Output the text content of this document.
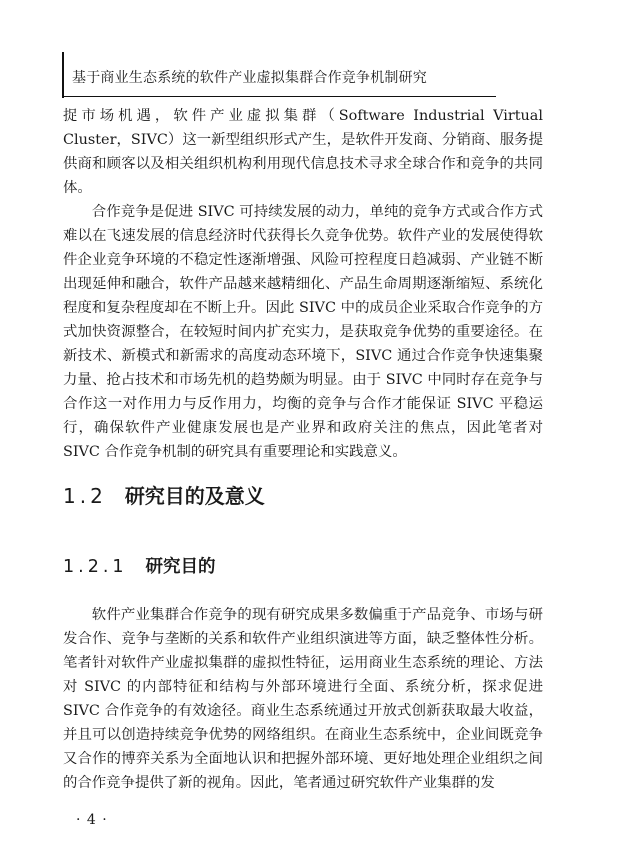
基于商业生态系统的软件产业虚拟集群合作竞争机制研究

捉市场机遇，软件产业虚拟集群（Software Industrial Virtual Cluster，SIVC）这一新型组织形式产生，是软件开发商、分销商、服务提供商和顾客以及相关组织机构利用现代信息技术寻求全球合作和竞争的共同体。

合作竞争是促进 SIVC 可持续发展的动力，单纯的竞争方式或合作方式难以在飞速发展的信息经济时代获得长久竞争优势。软件产业的发展使得软件企业竞争环境的不稳定性逐渐增强、风险可控程度日趋减弱、产业链不断出现延伸和融合，软件产品越来越精细化、产品生命周期逐渐缩短、系统化程度和复杂程度却在不断上升。因此 SIVC 中的成员企业采取合作竞争的方式加快资源整合，在较短时间内扩充实力，是获取竞争优势的重要途径。在新技术、新模式和新需求的高度动态环境下，SIVC 通过合作竞争快速集聚力量、抢占技术和市场先机的趋势颇为明显。由于 SIVC 中同时存在竞争与合作这一对作用力与反作用力，均衡的竞争与合作才能保证 SIVC 平稳运行，确保软件产业健康发展也是产业界和政府关注的焦点，因此笔者对 SIVC 合作竞争机制的研究具有重要理论和实践意义。

1.2 研究目的及意义
1.2.1 研究目的

软件产业集群合作竞争的现有研究成果多数偏重于产品竞争、市场与研发合作、竞争与垄断的关系和软件产业组织演进等方面，缺乏整体性分析。笔者针对软件产业虚拟集群的虚拟性特征，运用商业生态系统的理论、方法对 SIVC 的内部特征和结构与外部环境进行全面、系统分析，探求促进 SIVC 合作竞争的有效途径。商业生态系统通过开放式创新获取最大收益，并且可以创造持续竞争优势的网络组织。在商业生态系统中，企业间既竞争又合作的博弈关系为全面地认识和把握外部环境、更好地处理企业组织之间的合作竞争提供了新的视角。因此，笔者通过研究软件产业集群的发

· 4 ·
